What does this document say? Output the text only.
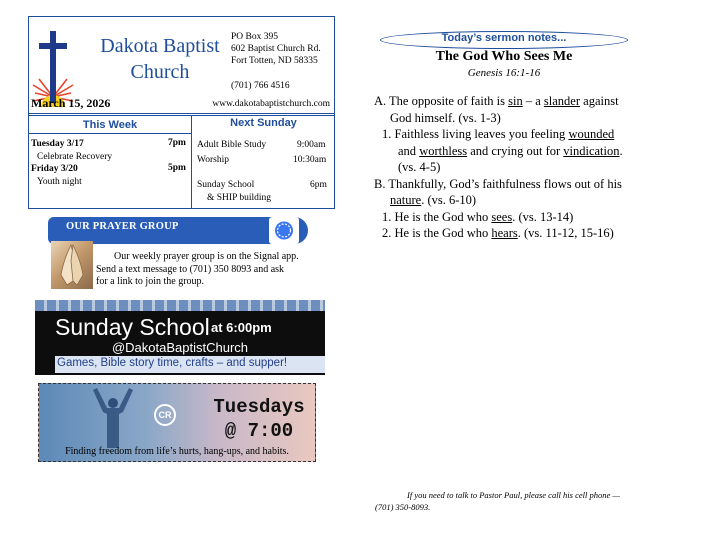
Dakota Baptist
Church
PO Box 395
602 Baptist Church Rd.
Fort Totten, ND 58335
(701) 766 4516
March 15, 2026	www.dakotabaptistchurch.com
This Week	Next Sunday
Tuesday 3/17	7pm
Celebrate Recovery
Friday 3/20	5pm
Youth night
Adult Bible Study	9:00am
Worship	10:30am
Sunday School	6pm
& SHIP building
OUR PRAYER GROUP
Our weekly prayer group is on the Signal app.
Send a text message to (701) 350 8093 and ask
for a link to join the group.
Sunday School at 6:00pm
@DakotaBaptistChurch
Games, Bible story time, crafts – and supper!
CR	Tuesdays
@ 7:00
Finding freedom from life’s hurts, hang-ups, and habits.
Today’s sermon notes...
The God Who Sees Me
Genesis 16:1-16
A. The opposite of faith is sin – a slander against
God himself. (vs. 1-3)
1. Faithless living leaves you feeling wounded
and worthless and crying out for vindication.
(vs. 4-5)
B. Thankfully, God’s faithfulness flows out of his
nature. (vs. 6-10)
1. He is the God who sees. (vs. 13-14)
2. He is the God who hears. (vs. 11-12, 15-16)
If you need to talk to Pastor Paul, please call his cell phone —
(701) 350-8093.
